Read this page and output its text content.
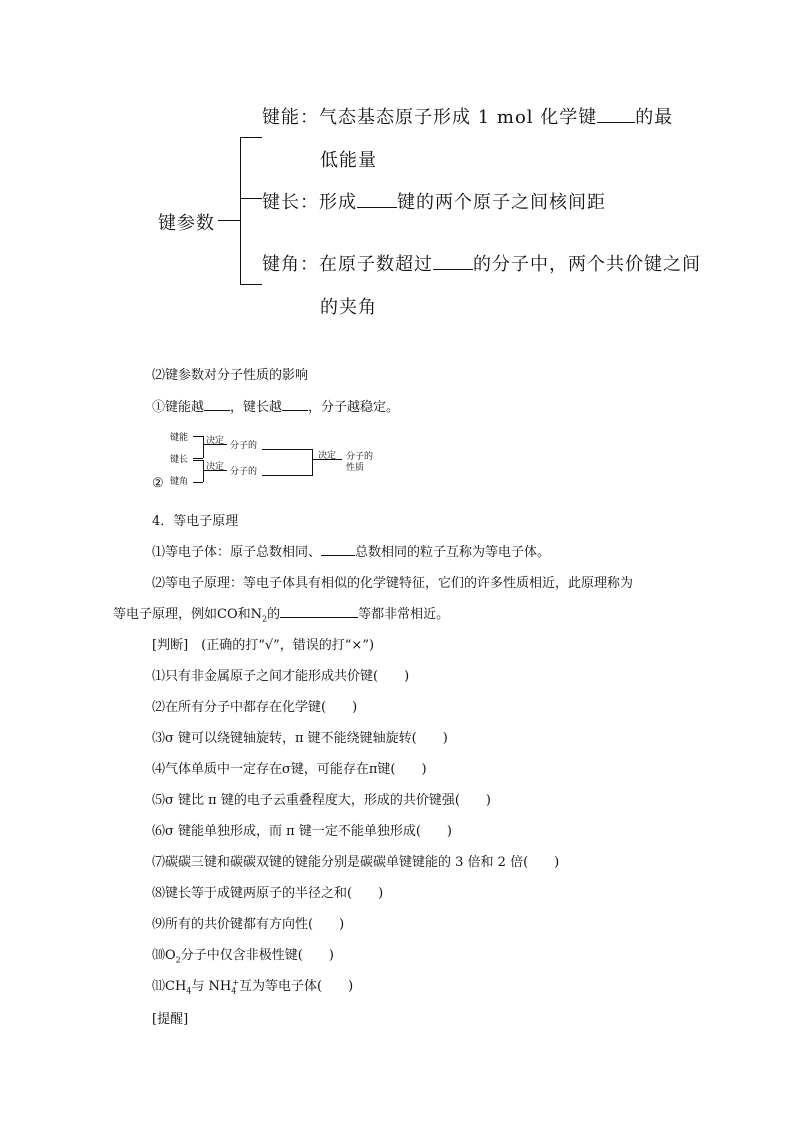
键参数
键能：气态基态原子形成 1 mol 化学键 的最
低能量
键长：形成 键的两个原子之间核间距
键角：在原子数超过 的分子中，两个共价键之间
的夹角
⑵键参数对分子性质的影响
①键能越 ，键长越 ，分子越稳定。
键能
键长
键角
②
决定 分子的
决定 分子的
决定 分子的
性质
4．等电子原理
⑴等电子体：原子总数相同、	总数相同的粒子互称为等电子体。
⑵等电子原理：等电子体具有相似的化学键特征，它们的许多性质相近，此原理称为
等电子原理，例如CO和$N_2$的	等都非常相近。
[判断]　(正确的打“√”，错误的打“×”)
⑴只有非金属原子之间才能形成共价键(　　)
⑵在所有分子中都存在化学键(　　)
⑶σ 键可以绕键轴旋转，π 键不能绕键轴旋转(　　)
⑷气体单质中一定存在σ键，可能存在π键(　　)
⑸σ 键比 π 键的电子云重叠程度大，形成的共价键强(　　)
⑹σ 键能单独形成，而 π 键一定不能单独形成(　　)
⑺碳碳三键和碳碳双键的键能分别是碳碳单键键能的 3 倍和 2 倍(　　)
⑻键长等于成键两原子的半径之和(　　)
⑼所有的共价键都有方向性(　　)
$⑽O_2$分子中仅含非极性键(　　)
$⑾CH_4$与 $NH_4^+$互为等电子体(　　)
[提醒]
